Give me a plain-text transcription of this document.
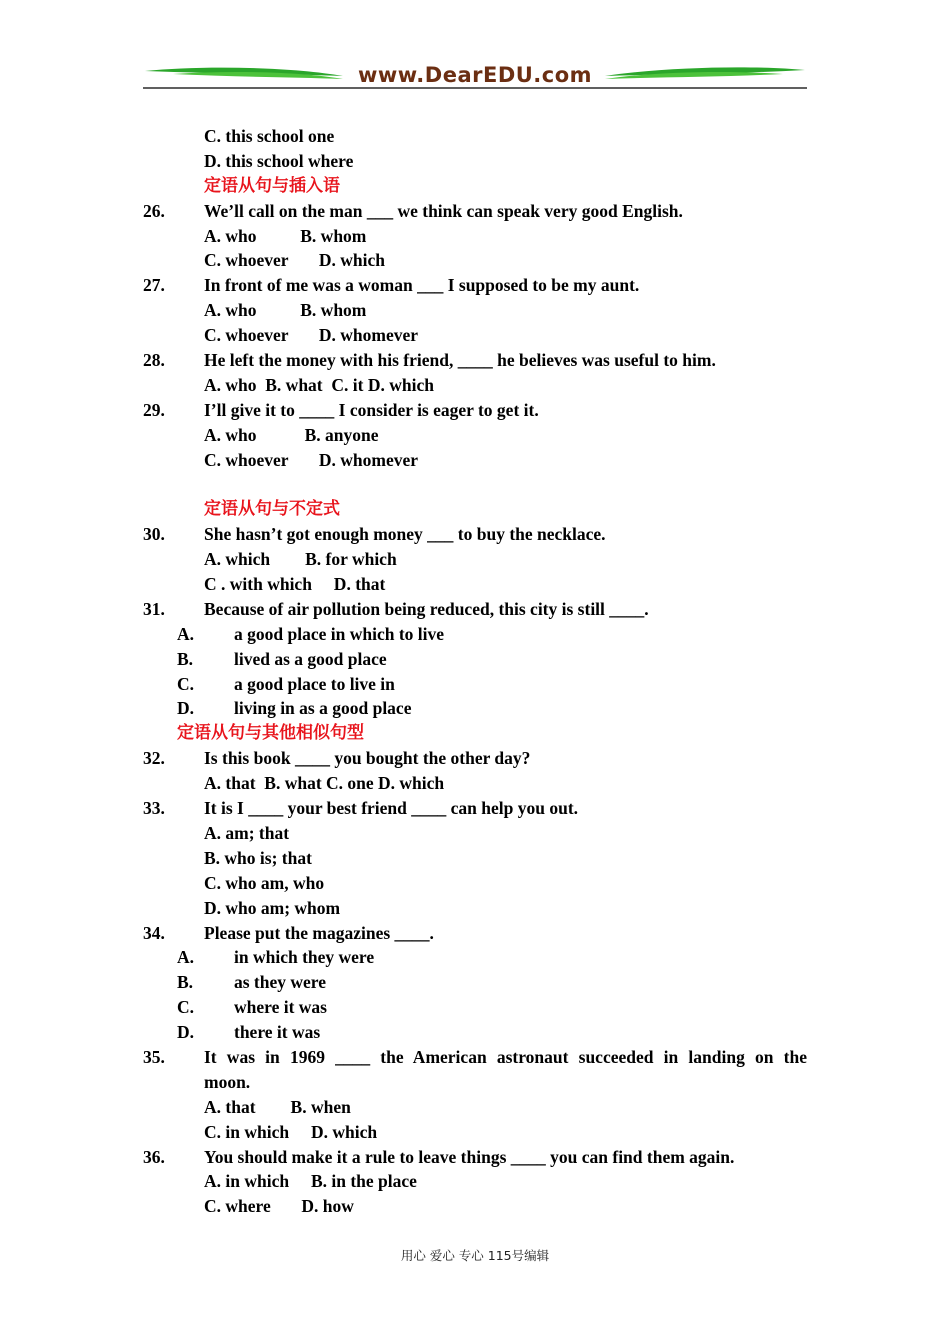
www.DearEDU.com
C. this school one
D. this school where
定语从句与插入语
26. We’ll call on the man ___ we think can speak very good English.
A. who          B. whom
C. whoever       D. which
27. In front of me was a woman ___ I supposed to be my aunt.
A. who          B. whom
C. whoever       D. whomever
28. He left the money with his friend, ____ he believes was useful to him.
A. who  B. what  C. it D. which
29. I’ll give it to ____ I consider is eager to get it.
A. who           B. anyone
C. whoever       D. whomever
定语从句与不定式
30. She hasn’t got enough money ___ to buy the necklace.
A. which        B. for which
C . with which     D. that
31. Because of air pollution being reduced, this city is still ____.
A. a good place in which to live
B. lived as a good place
C. a good place to live in
D. living in as a good place
定语从句与其他相似句型
32. Is this book ____ you bought the other day?
A. that  B. what C. one D. which
33. It is I ____ your best friend ____ can help you out.
A. am; that
B. who is; that
C. who am, who
D. who am; whom
34. Please put the magazines ____.
A. in which they were
B. as they were
C. where it was
D. there it was
35. It was in 1969 ____ the American astronaut succeeded in landing on the
moon.
A. that        B. when
C. in which     D. which
36. You should make it a rule to leave things ____ you can find them again.
A. in which     B. in the place
C. where       D. how
用心 爱心 专心 115号编辑
